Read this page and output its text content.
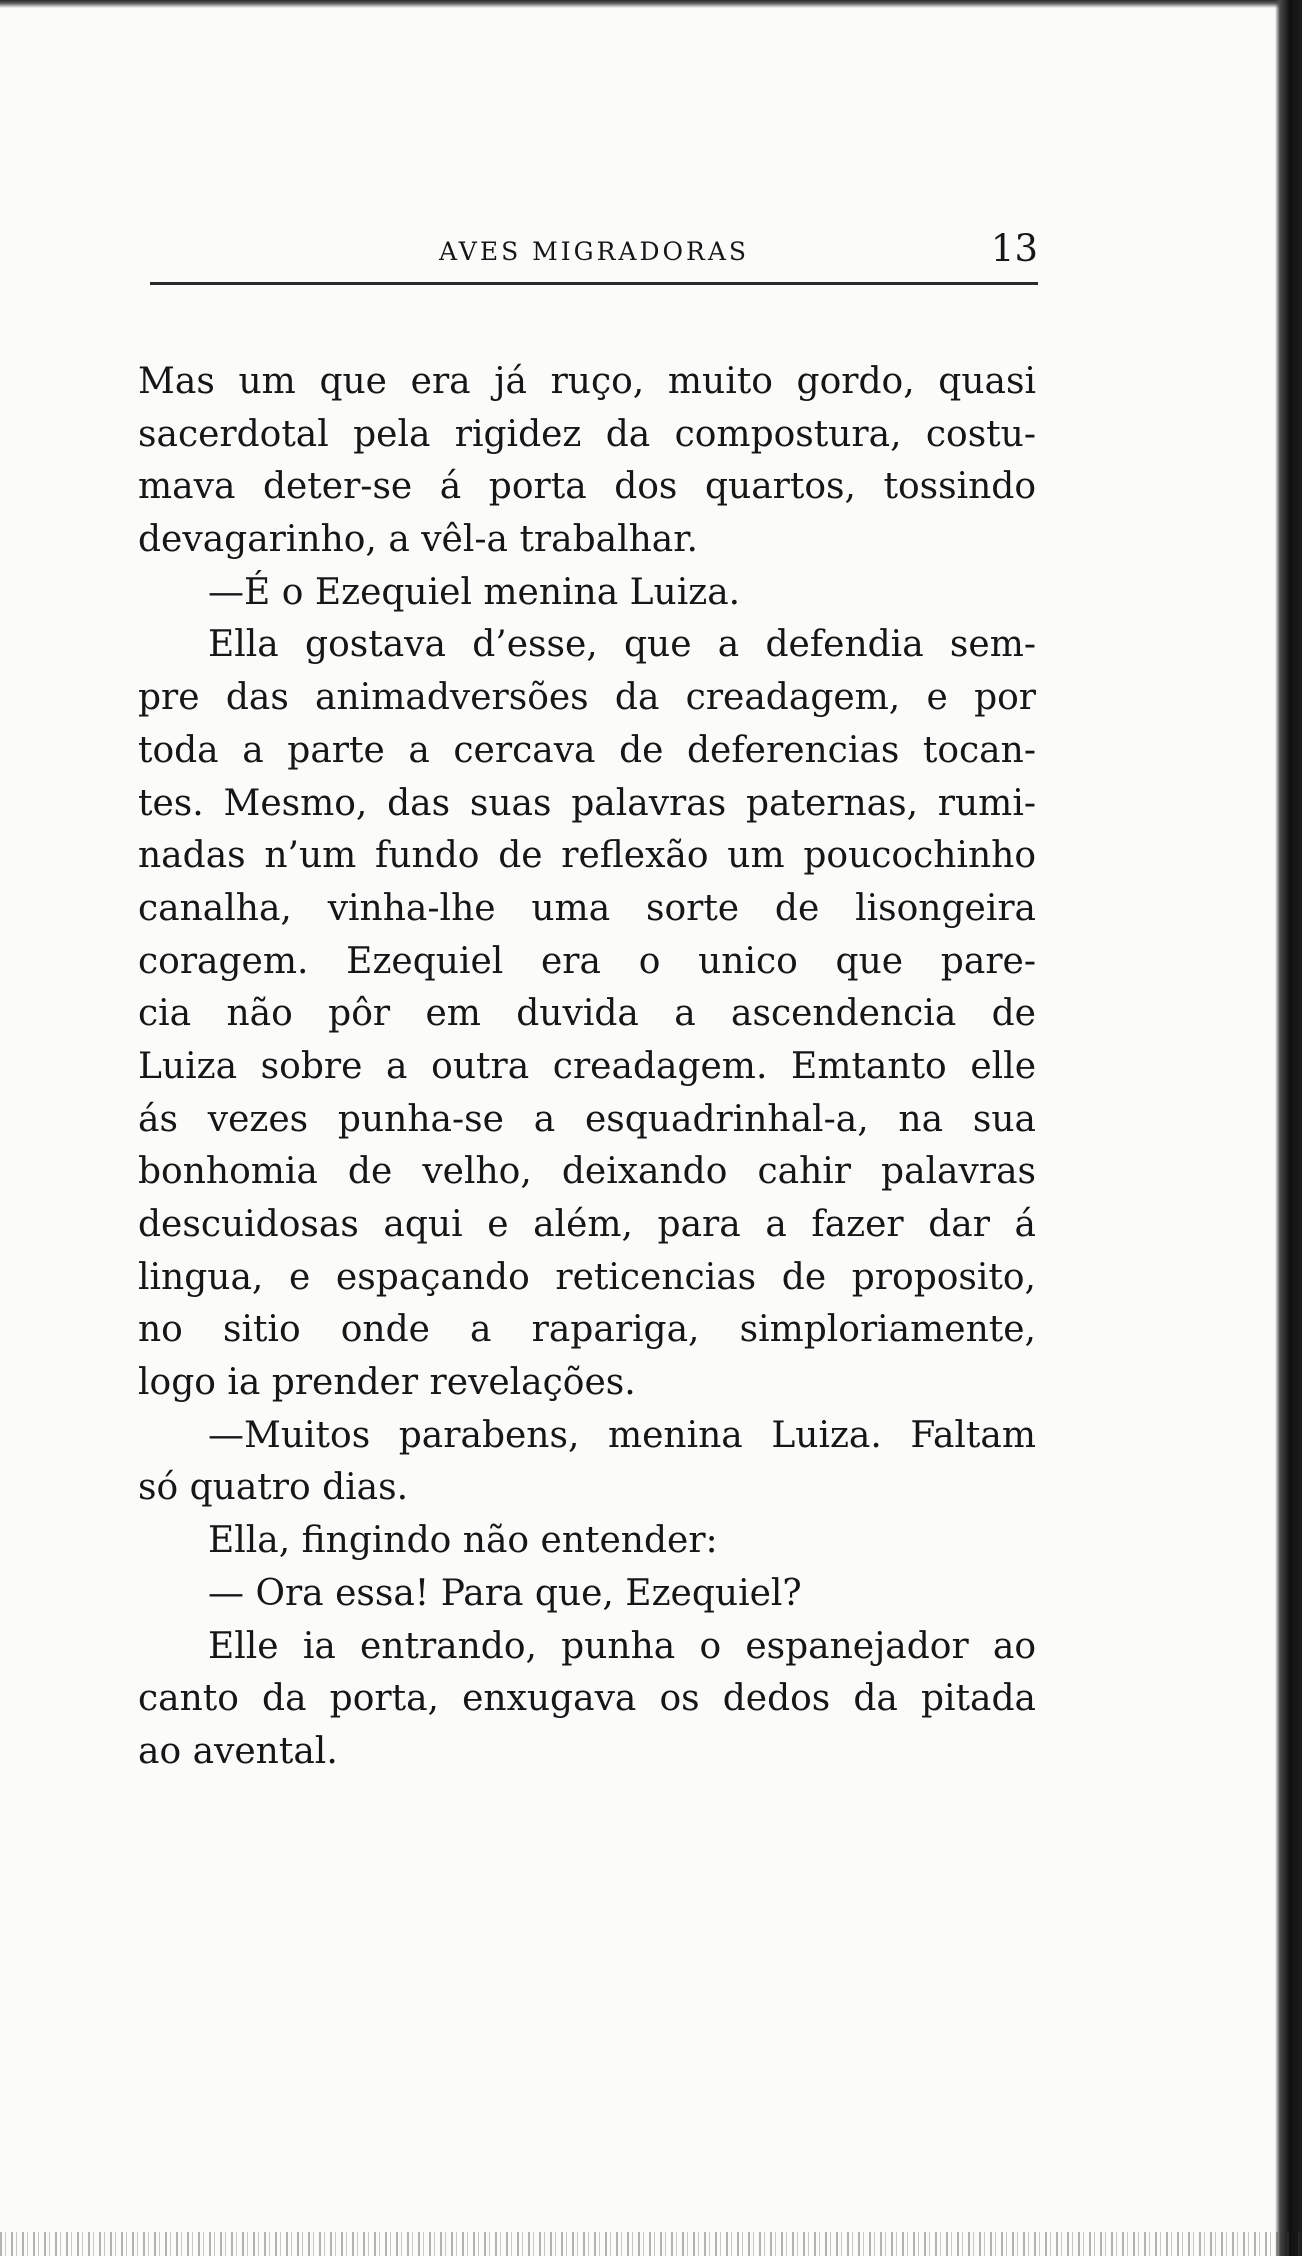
AVES MIGRADORAS	13
Mas um que era já ruço, muito gordo, quasi
sacerdotal pela rigidez da compostura, costu-
mava deter-se á porta dos quartos, tossindo
devagarinho, a vêl-a trabalhar.
—É o Ezequiel menina Luiza.
Ella gostava d’esse, que a defendia sem-
pre das animadversões da creadagem, e por
toda a parte a cercava de deferencias tocan-
tes. Mesmo, das suas palavras paternas, rumi-
nadas n’um fundo de reflexão um poucochinho
canalha, vinha-lhe uma sorte de lisongeira
coragem. Ezequiel era o unico que pare-
cia não pôr em duvida a ascendencia de
Luiza sobre a outra creadagem. Emtanto elle
ás vezes punha-se a esquadrinhal-a, na sua
bonhomia de velho, deixando cahir palavras
descuidosas aqui e além, para a fazer dar á
lingua, e espaçando reticencias de proposito,
no sitio onde a rapariga, simploriamente,
logo ia prender revelações.
—Muitos parabens, menina Luiza. Faltam
só quatro dias.
Ella, fingindo não entender:
— Ora essa! Para que, Ezequiel?
Elle ia entrando, punha o espanejador ao
canto da porta, enxugava os dedos da pitada
ao avental.
